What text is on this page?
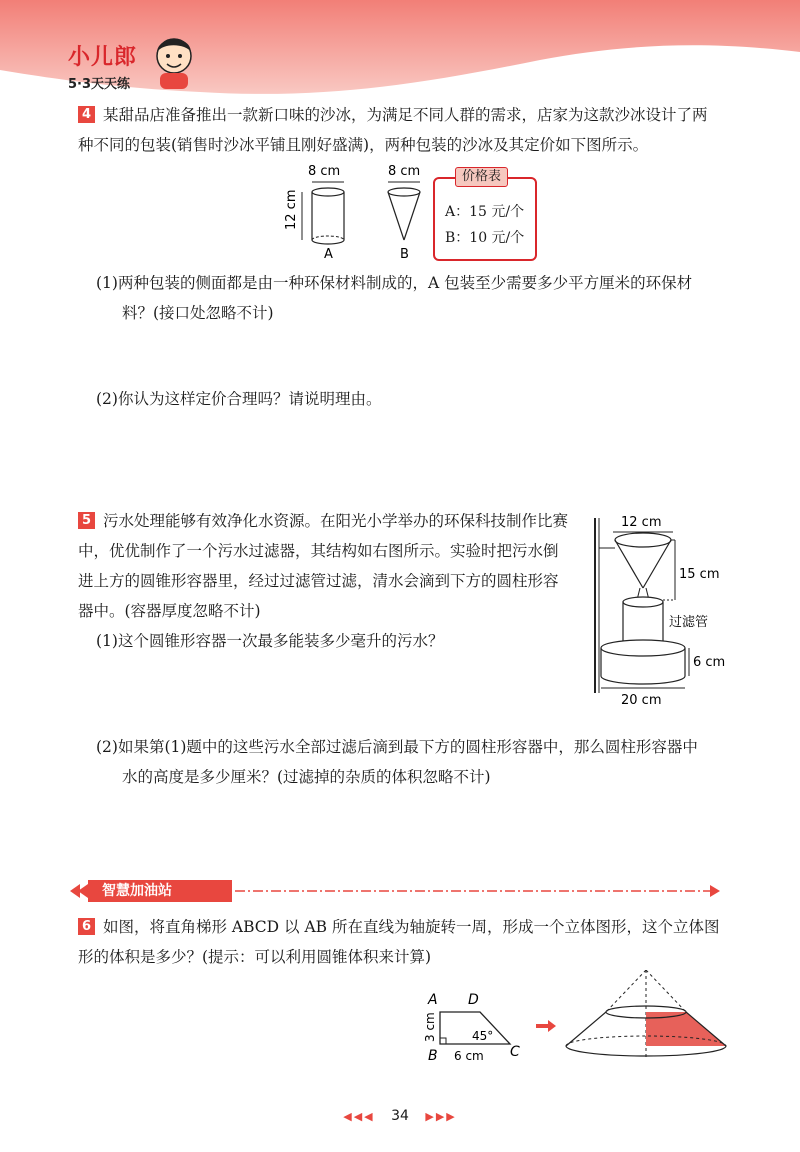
小儿郎
5·3天天练
4 某甜品店准备推出一款新口味的沙冰，为满足不同人群的需求，店家为这款沙冰设计了两
种不同的包装(销售时沙冰平铺且刚好盛满)，两种包装的沙冰及其定价如下图所示。
8 cm
12 cm
A
8 cm
B
价格表
A：15 元/个
B：10 元/个
(1)两种包装的侧面都是由一种环保材料制成的，A 包装至少需要多少平方厘米的环保材
料？(接口处忽略不计)
(2)你认为这样定价合理吗？请说明理由。
5 污水处理能够有效净化水资源。在阳光小学举办的环保科技制作比赛
中，优优制作了一个污水过滤器，其结构如右图所示。实验时把污水倒
进上方的圆锥形容器里，经过过滤管过滤，清水会滴到下方的圆柱形容
器中。(容器厚度忽略不计)
(1)这个圆锥形容器一次最多能装多少毫升的污水？
12 cm
15 cm
过滤管
6 cm
20 cm
(2)如果第(1)题中的这些污水全部过滤后滴到最下方的圆柱形容器中，那么圆柱形容器中
水的高度是多少厘米？(过滤掉的杂质的体积忽略不计)
智慧加油站
6 如图，将直角梯形 ABCD 以 AB 所在直线为轴旋转一周，形成一个立体图形，这个立体图
形的体积是多少？(提示：可以利用圆锥体积来计算)
A D
3 cm	45°
B 6 cm C
◀◀◀ 34 ▶▶▶
